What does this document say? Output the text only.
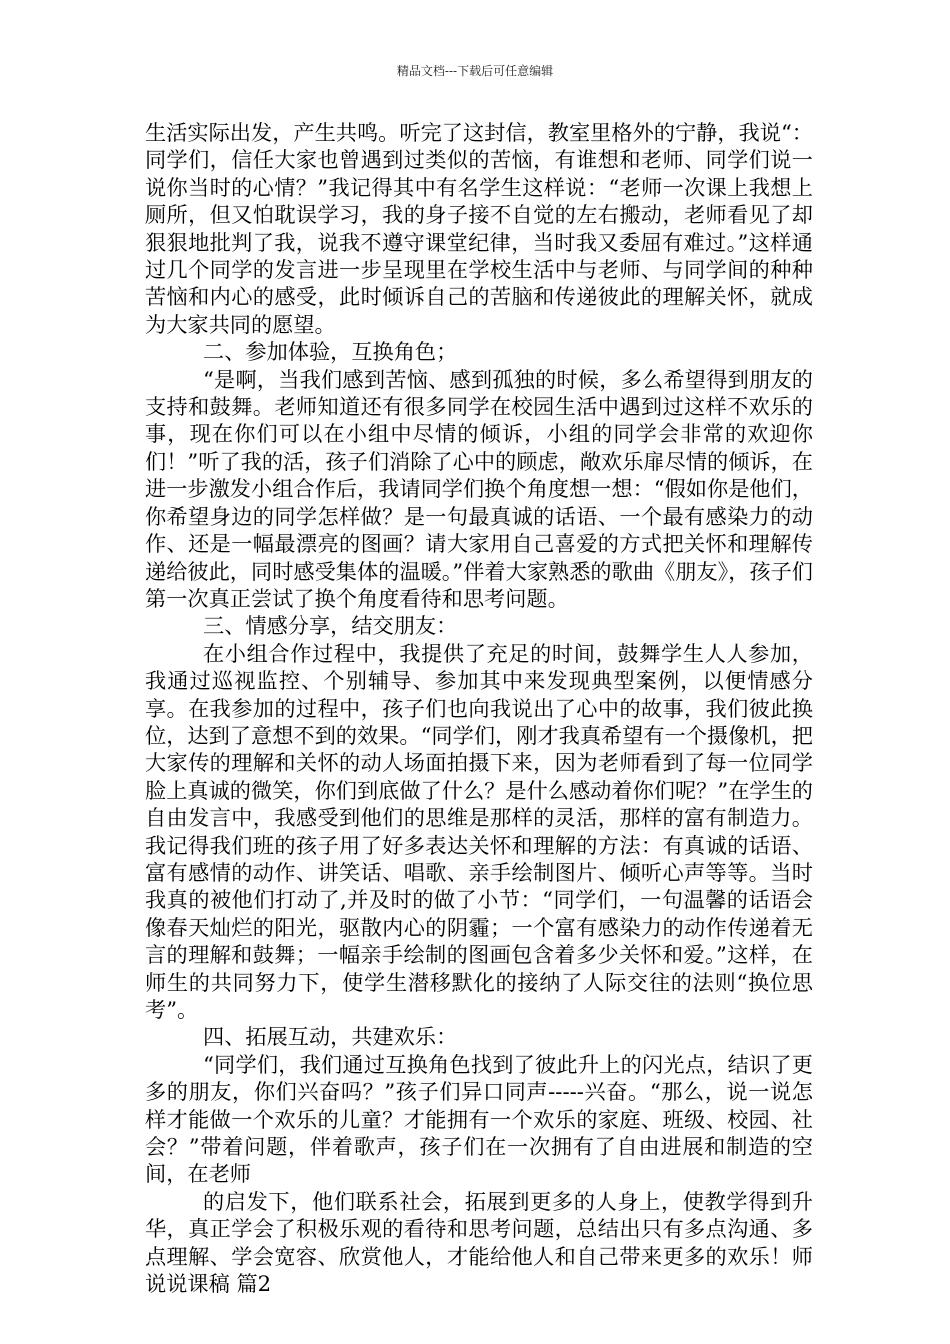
精品文档---下载后可任意编辑

生活实际出发，产生共鸣。听完了这封信，教室里格外的宁静，我说“：同学们，信任大家也曾遇到过类似的苦恼，有谁想和老师、同学们说一说你当时的心情？”我记得其中有名学生这样说：“老师一次课上我想上厕所，但又怕耽误学习，我的身子接不自觉的左右搬动，老师看见了却狠狠地批判了我，说我不遵守课堂纪律，当时我又委屈有难过。”这样通过几个同学的发言进一步呈现里在学校生活中与老师、与同学间的种种苦恼和内心的感受，此时倾诉自己的苦脑和传递彼此的理解关怀，就成为大家共同的愿望。

二、参加体验，互换角色；

“是啊，当我们感到苦恼、感到孤独的时候，多么希望得到朋友的支持和鼓舞。老师知道还有很多同学在校园生活中遇到过这样不欢乐的事，现在你们可以在小组中尽情的倾诉，小组的同学会非常的欢迎你们！”听了我的活，孩子们消除了心中的顾虑，敞欢乐扉尽情的倾诉，在进一步激发小组合作后，我请同学们换个角度想一想：“假如你是他们，你希望身边的同学怎样做？是一句最真诚的话语、一个最有感染力的动作、还是一幅最漂亮的图画？请大家用自己喜爱的方式把关怀和理解传递给彼此，同时感受集体的温暖。”伴着大家熟悉的歌曲《朋友》，孩子们第一次真正尝试了换个角度看待和思考问题。

三、情感分享，结交朋友：

在小组合作过程中，我提供了充足的时间，鼓舞学生人人参加，我通过巡视监控、个别辅导、参加其中来发现典型案例，以便情感分享。在我参加的过程中，孩子们也向我说出了心中的故事，我们彼此换位，达到了意想不到的效果。“同学们，刚才我真希望有一个摄像机，把大家传的理解和关怀的动人场面拍摄下来，因为老师看到了每一位同学脸上真诚的微笑，你们到底做了什么？是什么感动着你们呢？”在学生的自由发言中，我感受到他们的思维是那样的灵活，那样的富有制造力。我记得我们班的孩子用了好多表达关怀和理解的方法：有真诚的话语、富有感情的动作、讲笑话、唱歌、亲手绘制图片、倾听心声等等。当时我真的被他们打动了,并及时的做了小节：“同学们，一句温馨的话语会像春天灿烂的阳光，驱散内心的阴霾；一个富有感染力的动作传递着无言的理解和鼓舞；一幅亲手绘制的图画包含着多少关怀和爱。”这样，在师生的共同努力下，使学生潜移默化的接纳了人际交往的法则“换位思考”。

四、拓展互动，共建欢乐：

“同学们，我们通过互换角色找到了彼此升上的闪光点，结识了更多的朋友，你们兴奋吗？”孩子们异口同声-----兴奋。“那么，说一说怎样才能做一个欢乐的儿童？才能拥有一个欢乐的家庭、班级、校园、社会？”带着问题，伴着歌声，孩子们在一次拥有了自由进展和制造的空间，在老师

的启发下，他们联系社会，拓展到更多的人身上，使教学得到升华，真正学会了积极乐观的看待和思考问题，总结出只有多点沟通、多点理解、学会宽容、欣赏他人，才能给他人和自己带来更多的欢乐！师说说课稿 篇2
